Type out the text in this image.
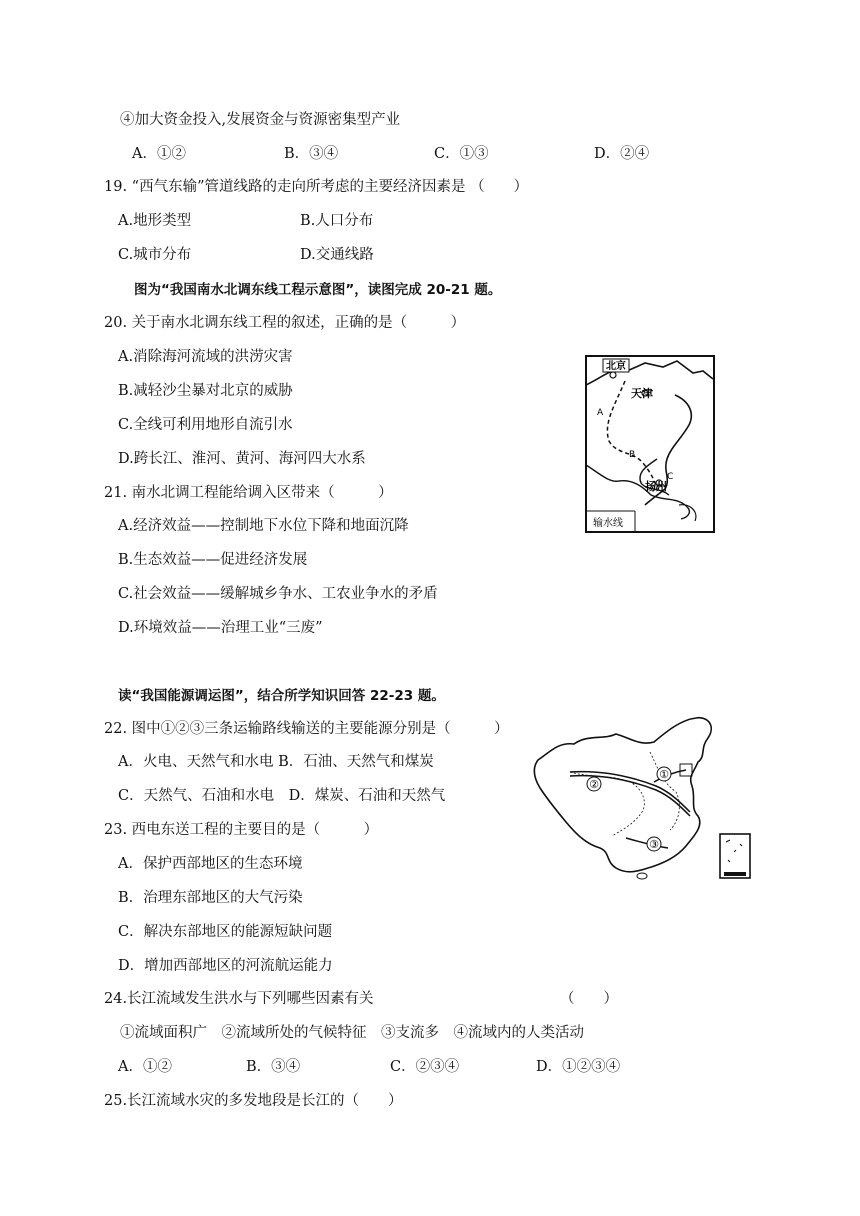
④加大资金投入,发展资金与资源密集型产业
A．①②	B．③④	C．①③	D．②④
19. “西气东输”管道线路的走向所考虑的主要经济因素是 （　　）
A.地形类型	B.人口分布
C.城市分布	D.交通线路
图为“我国南水北调东线工程示意图”，读图完成 20-21 题。
20. 关于南水北调东线工程的叙述，正确的是（　　　）
A.消除海河流域的洪涝灾害
B.减轻沙尘暴对北京的威胁
C.全线可利用地形自流引水
D.跨长江、淮河、黄河、海河四大水系
21. 南水北调工程能给调入区带来（　　　）
A.经济效益——控制地下水位下降和地面沉降
B.生态效益——促进经济发展
C.社会效益——缓解城乡争水、工农业争水的矛盾
D.环境效益——治理工业“三废”
北京
天津
扬州
A
B
C
输水线
读“我国能源调运图”，结合所学知识回答 22-23 题。
22. 图中①②③三条运输路线输送的主要能源分别是（　　　）
A．火电、天然气和水电 B．石油、天然气和煤炭
C．天然气、石油和水电　D．煤炭、石油和天然气
23. 西电东送工程的主要目的是（　　　）
A．保护西部地区的生态环境
B．治理东部地区的大气污染
C．解决东部地区的能源短缺问题
D．增加西部地区的河流航运能力
①
②
③
24.长江流域发生洪水与下列哪些因素有关	（　　）
①流域面积广　②流域所处的气候特征　③支流多　④流域内的人类活动
A．①②	B．③④	C．②③④	D．①②③④
25.长江流域水灾的多发地段是长江的（　　）
